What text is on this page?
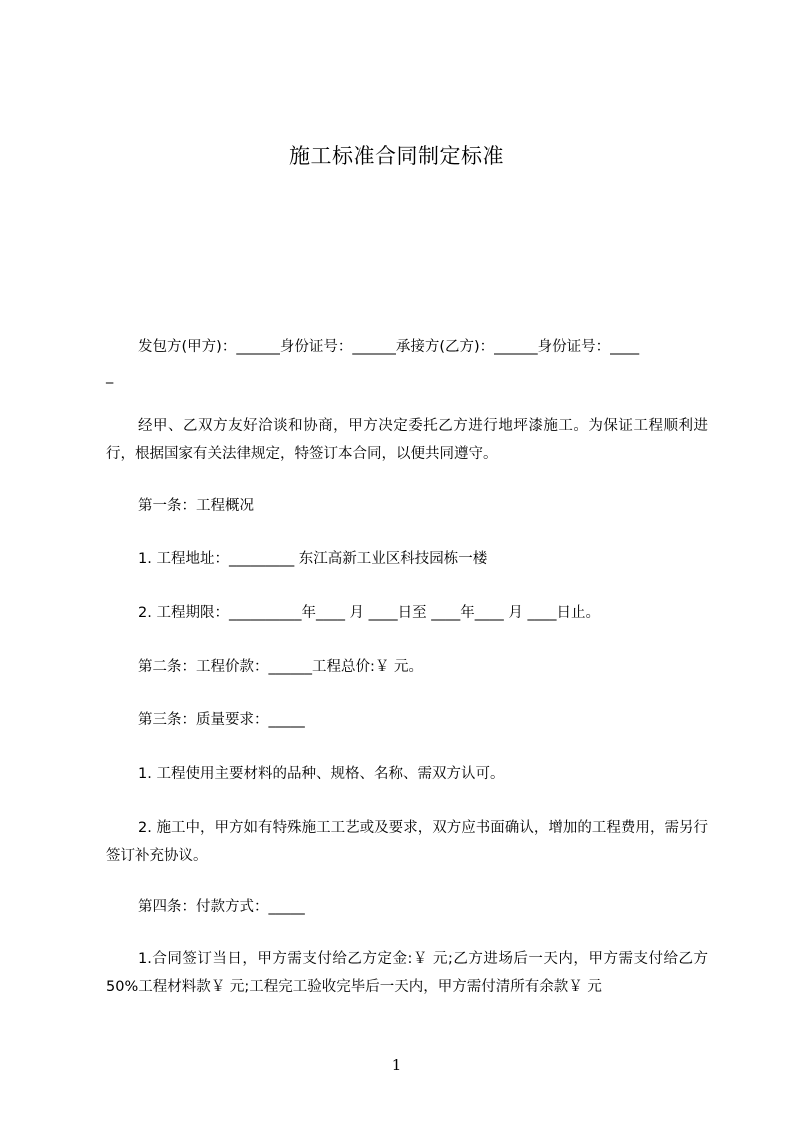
施工标准合同制定标准
发包方(甲方)：______身份证号：______承接方(乙方)：______身份证号：____
_
经甲、乙双方友好洽谈和协商，甲方决定委托乙方进行地坪漆施工。为保证工程顺利进行，根据国家有关法律规定，特签订本合同，以便共同遵守。
第一条：工程概况
1. 工程地址：_________ 东江高新工业区科技园栋一楼
2. 工程期限：__________年____ 月 ____日至 ____年____ 月 ____日止。
第二条：工程价款：______工程总价:￥ 元。
第三条：质量要求：_____
1. 工程使用主要材料的品种、规格、名称、需双方认可。
2. 施工中，甲方如有特殊施工工艺或及要求，双方应书面确认，增加的工程费用，需另行签订补充协议。
第四条：付款方式：_____
1.合同签订当日，甲方需支付给乙方定金:￥ 元;乙方进场后一天内，甲方需支付给乙方 50%工程材料款￥ 元;工程完工验收完毕后一天内，甲方需付清所有余款￥ 元
1
